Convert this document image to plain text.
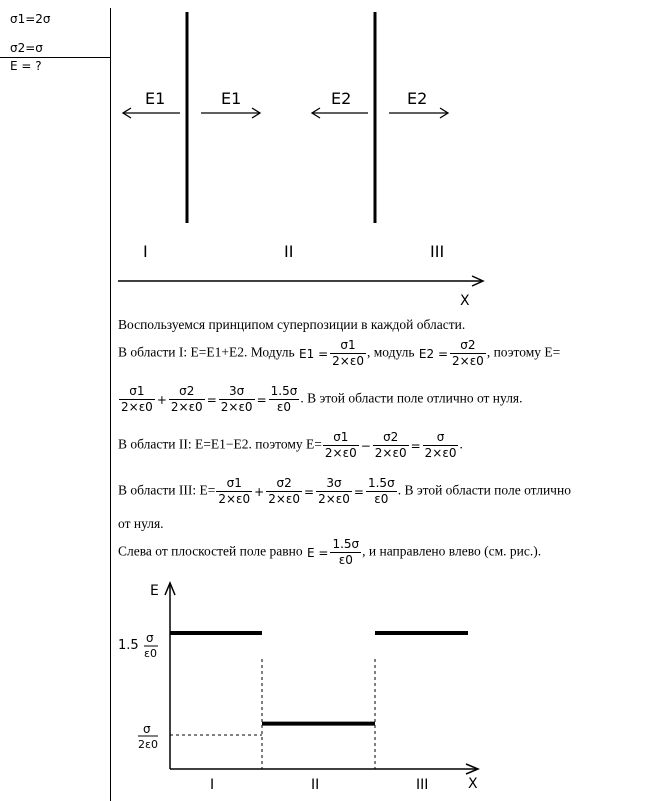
σ1=2σ
σ2=σ
E = ?
E1	E1	E2	E2
I	II	III
X
Воспользуемся принципом суперпозиции в каждой области.
В области I: E=E1+E2. Модуль $E1 = \frac{\sigma 1}{2\times\varepsilon 0}$ , модуль $E2 = \frac{\sigma 2}{2\times\varepsilon 0}$ , поэтому E=
$\frac{\sigma 1}{2\times\varepsilon 0} + \frac{\sigma 2}{2\times\varepsilon 0} = \frac{3\sigma}{2\times\varepsilon 0} = \frac{1.5\sigma}{\varepsilon 0}$ . В этой области поле отлично от нуля.
В области II: E=E1−E2. поэтому $E= \frac{\sigma 1}{2\times\varepsilon 0} - \frac{\sigma 2}{2\times\varepsilon 0} = \frac{\sigma}{2\times\varepsilon 0}$ .
В области III: $E= \frac{\sigma 1}{2\times\varepsilon 0} + \frac{\sigma 2}{2\times\varepsilon 0} = \frac{3\sigma}{2\times\varepsilon 0} = \frac{1.5\sigma}{\varepsilon 0}$ . В этой области поле отлично
от нуля.
Слева от плоскостей поле равно $E = \frac{1.5\sigma}{\varepsilon 0}$ , и направлено влево (см. рис.).
E
X
1.5 σ
ε0
σ
2ε0
I	II	III
